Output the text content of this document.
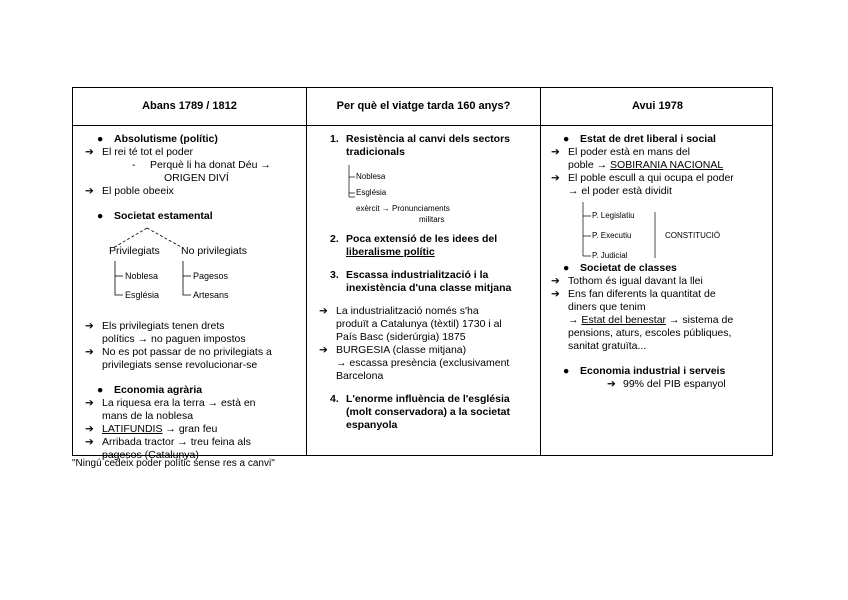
Abans 1789 / 1812	Per què el viatge tarda 160 anys?	Avui 1978
● Absolutisme (polític)
➔ El rei té tot el poder
- Perquè li ha donat Déu →
ORIGEN DIVÍ
➔ El poble obeeix
● Societat estamental
Privilegiats No privilegiats
Noblesa
Església
Pagesos
Artesans
➔ Els privilegiats tenen drets
polítics → no paguen impostos
➔ No es pot passar de no privilegiats a
privilegiats sense revolucionar-se
● Economia agrària
➔ La riquesa era la terra → està en
mans de la noblesa
➔ LATIFUNDIS → gran feu
➔ Arribada tractor → treu feina als
pagesos (Catalunya)
1. Resistència al canvi dels sectors
tradicionals
Noblesa
Església
exèrcit → Pronunciaments
militars
2. Poca extensió de les idees del
liberalisme polític
3. Escassa industrialització i la
inexistència d'una classe mitjana
➔ La industrialització només s'ha
produït a Catalunya (tèxtil) 1730 i al
País Basc (siderúrgia) 1875
➔ BURGESIA (classe mitjana)
→ escassa presència (exclusivament
Barcelona
4. L'enorme influència de l'església
(molt conservadora) a la societat
espanyola
● Estat de dret liberal i social
➔ El poder està en mans del
poble → SOBIRANIA NACIONAL
➔ El poble escull a qui ocupa el poder
→ el poder està dividit
P. Legislatiu
P. Executiu
P. Judicial
CONSTITUCIÓ
● Societat de classes
➔ Tothom és igual davant la llei
➔ Ens fan diferents la quantitat de
diners que tenim
→ Estat del benestar → sistema de
pensions, aturs, escoles públiques,
sanitat gratuïta...
● Economia industrial i serveis
➔ 99% del PIB espanyol
"Ningú cedeix poder polític sense res a canvi"
